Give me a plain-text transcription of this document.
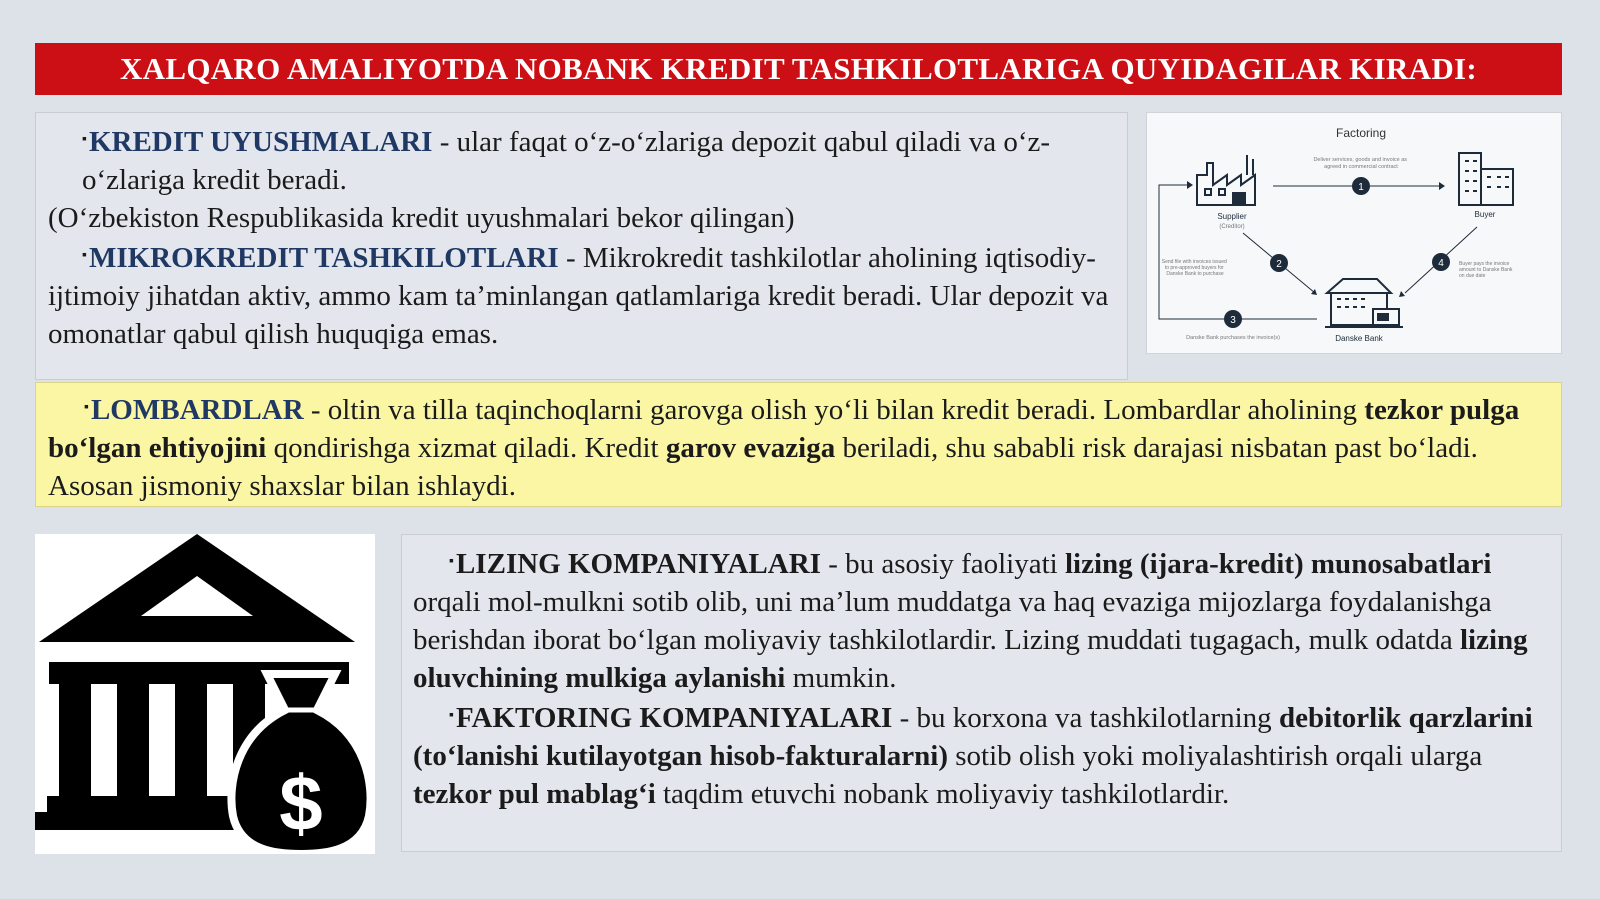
XALQARO AMALIYOTDA NOBANK KREDIT TASHKILOTLARIGA QUYIDAGILAR KIRADI:

▪KREDIT UYUSHMALARI - ular faqat o‘z-o‘zlariga depozit qabul qiladi va o‘z-o‘zlariga kredit beradi.

(O‘zbekiston Respublikasida kredit uyushmalari bekor qilingan)

▪MIKROKREDIT TASHKILOTLARI - Mikrokredit tashkilotlar aholining iqtisodiy-ijtimoiy jihatdan aktiv, ammo kam ta’minlangan qatlamlariga kredit beradi. Ular depozit va omonatlar qabul qilish huquqiga emas.

Factoring
Supplier
(Creditor)
Buyer
Deliver services, goods and invoice as agreed in commercial contract
1
2
Send file with invoices issued to pre-approved buyers for Danske Bank to purchase
4	Buyer pays the invoice amount to Danske Bank on due date
Danske Bank
3
Danske Bank purchases the invoice(s)

▪LOMBARDLAR - oltin va tilla taqinchoqlarni garovga olish yo‘li bilan kredit beradi. Lombardlar aholining tezkor pulga bo‘lgan ehtiyojini qondirishga xizmat qiladi. Kredit garov evaziga beriladi, shu sababli risk darajasi nisbatan past bo‘ladi. Asosan jismoniy shaxslar bilan ishlaydi.

$

▪LIZING KOMPANIYALARI - bu asosiy faoliyati lizing (ijara-kredit) munosabatlari orqali mol-mulkni sotib olib, uni ma’lum muddatga va haq evaziga mijozlarga foydalanishga berishdan iborat bo‘lgan moliyaviy tashkilotlardir. Lizing muddati tugagach, mulk odatda lizing oluvchining mulkiga aylanishi mumkin.

▪FAKTORING KOMPANIYALARI - bu korxona va tashkilotlarning debitorlik qarzlarini (to‘lanishi kutilayotgan hisob-fakturalarni) sotib olish yoki moliyalashtirish orqali ularga tezkor pul mablag‘i taqdim etuvchi nobank moliyaviy tashkilotlardir.
